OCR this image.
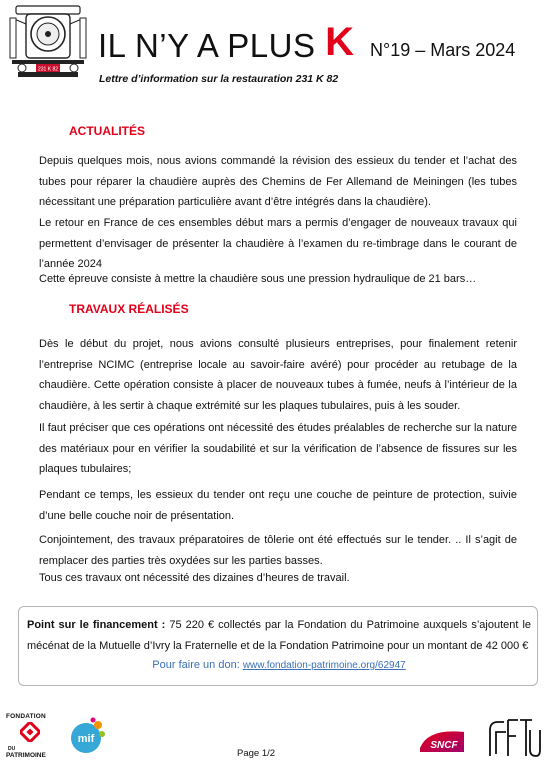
231 K 82
IL N’Y A PLUS K N°19 – Mars 2024
Lettre d’information sur la restauration 231 K 82
ACTUALITÉS
Depuis quelques mois, nous avions commandé la révision des essieux du tender et l’achat des tubes pour réparer la chaudière auprès des Chemins de Fer Allemand de Meiningen (les tubes nécessitant une préparation particulière avant d’être intégrés dans la chaudière).
Le retour en France de ces ensembles début mars a permis d’engager de nouveaux travaux qui permettent d’envisager de présenter la chaudière à l’examen du re-timbrage dans le courant de l’année 2024
Cette épreuve consiste à mettre la chaudière sous une pression hydraulique de 21 bars…
TRAVAUX RÉALISÉS
Dès le début du projet, nous avions consulté plusieurs entreprises, pour finalement retenir l’entreprise NCIMC (entreprise locale au savoir-faire avéré) pour procéder au retubage de la chaudière. Cette opération consiste à placer de nouveaux tubes à fumée, neufs à l’intérieur de la chaudière, à les sertir à chaque extrémité sur les plaques tubulaires, puis à les souder.
Il faut préciser que ces opérations ont nécessité des études préalables de recherche sur la nature des matériaux pour en vérifier la soudabilité et sur la vérification de l’absence de fissures sur les plaques tubulaires;
Pendant ce temps, les essieux du tender ont reçu une couche de peinture de protection, suivie d’une belle couche noir de présentation.
Conjointement, des travaux préparatoires de tôlerie ont été effectués sur le tender. .. Il s’agit de remplacer des parties très oxydées sur les parties basses.
Tous ces travaux ont nécessité des dizaines d’heures de travail.
Point sur le financement : 75 220 € collectés par la Fondation du Patrimoine auxquels s’ajoutent le mécénat de la Mutuelle d’Ivry la Fraternelle et de la Fondation Patrimoine pour un montant de 42 000 €
Pour faire un don: www.fondation-patrimoine.org/62947
FONDATION
DU
PATRIMOINE
mif
Page 1/2
SNCF
